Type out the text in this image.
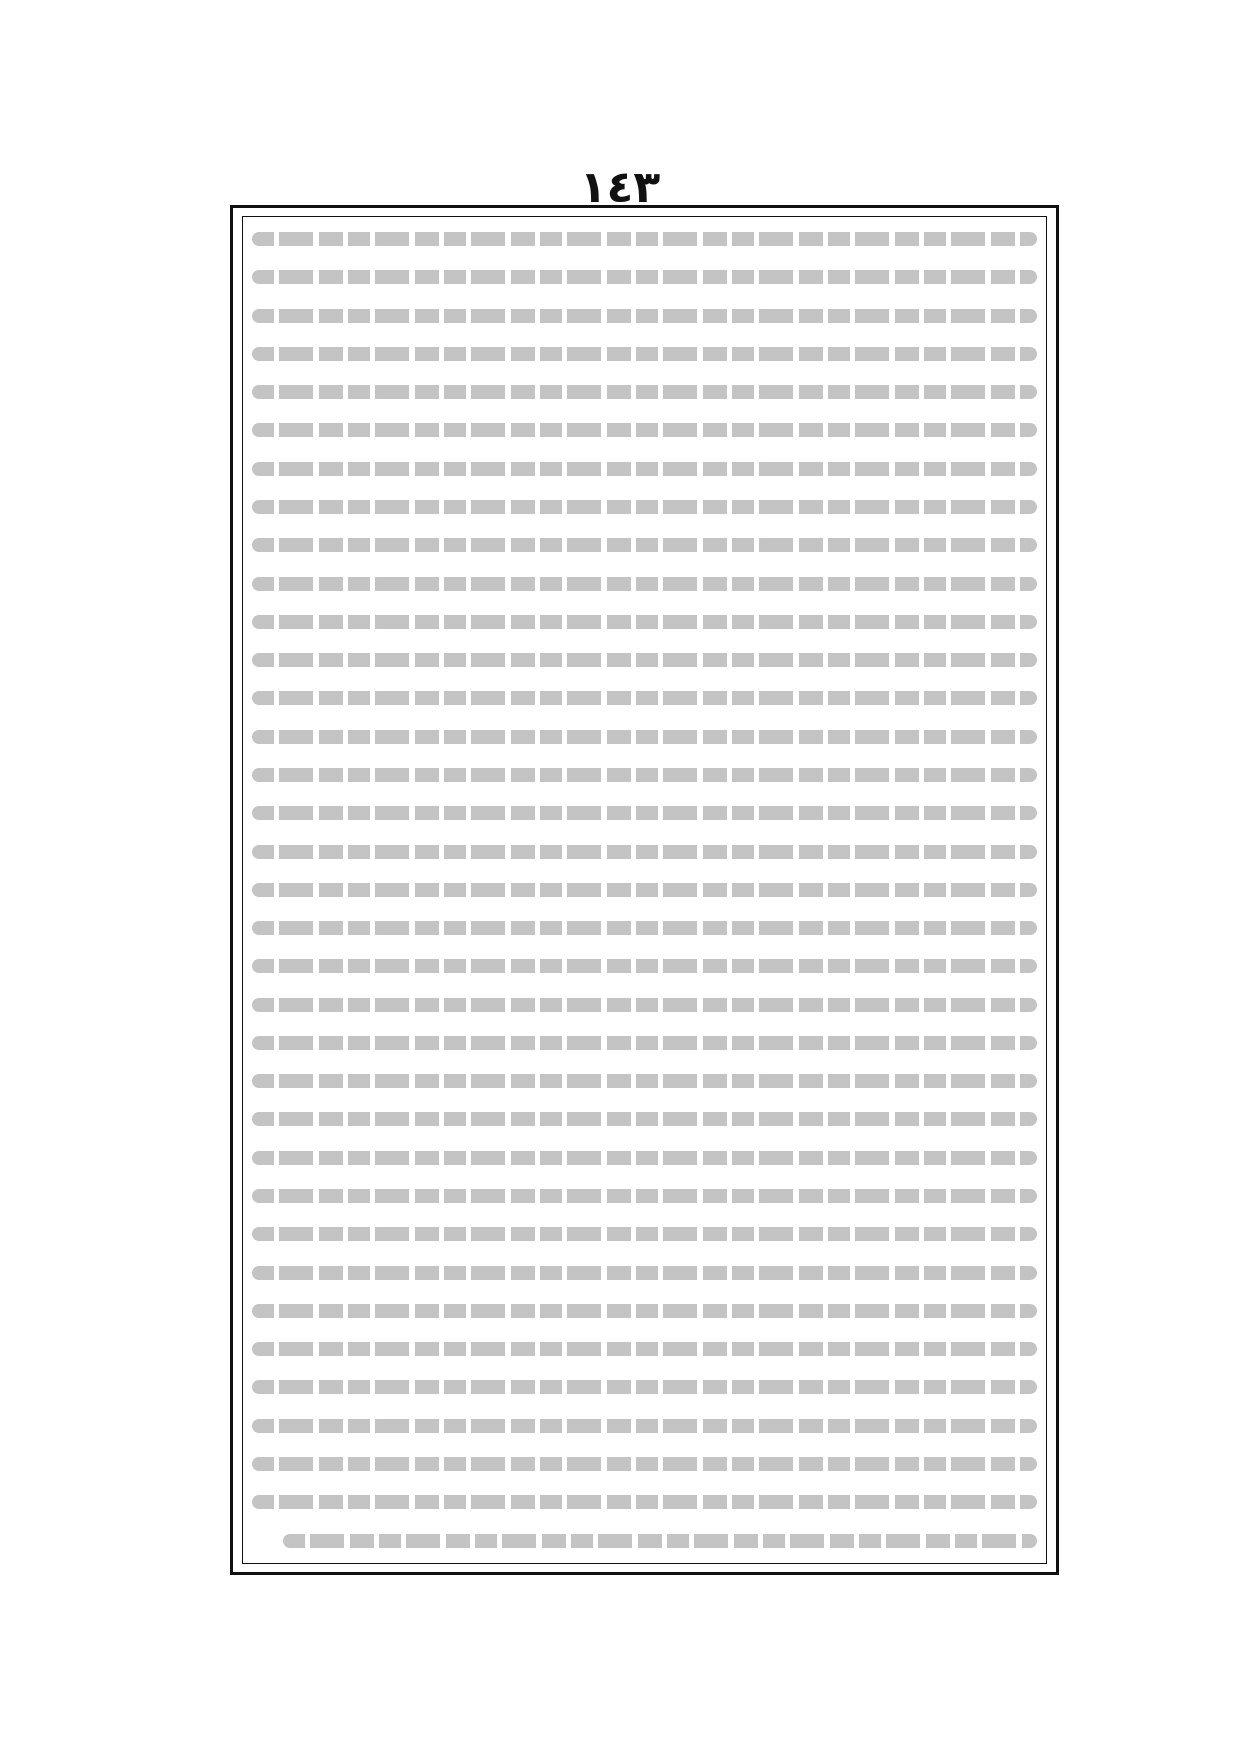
١٤٣
